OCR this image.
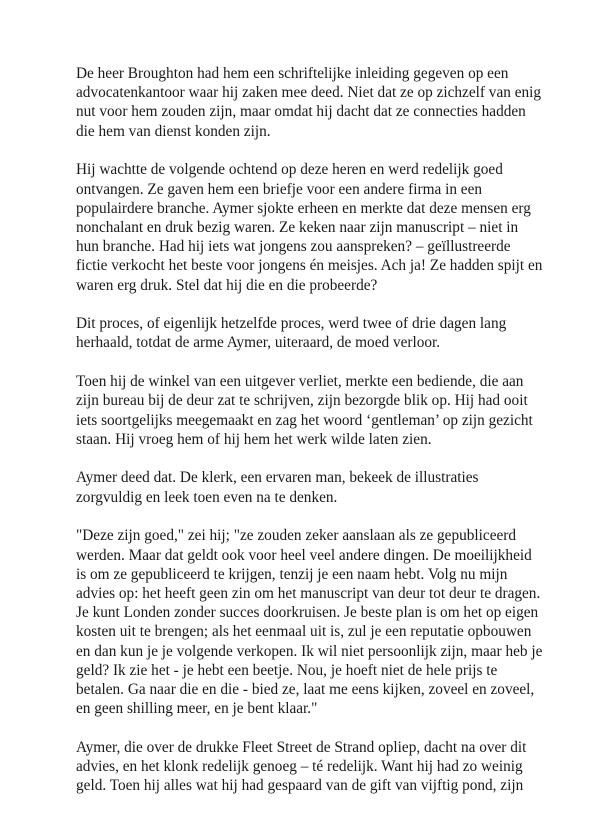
De heer Broughton had hem een schriftelijke inleiding gegeven op een
advocatenkantoor waar hij zaken mee deed. Niet dat ze op zichzelf van enig
nut voor hem zouden zijn, maar omdat hij dacht dat ze connecties hadden
die hem van dienst konden zijn.

Hij wachtte de volgende ochtend op deze heren en werd redelijk goed
ontvangen. Ze gaven hem een briefje voor een andere firma in een
populairdere branche. Aymer sjokte erheen en merkte dat deze mensen erg
nonchalant en druk bezig waren. Ze keken naar zijn manuscript – niet in
hun branche. Had hij iets wat jongens zou aanspreken? – geïllustreerde
fictie verkocht het beste voor jongens én meisjes. Ach ja! Ze hadden spijt en
waren erg druk. Stel dat hij die en die probeerde?

Dit proces, of eigenlijk hetzelfde proces, werd twee of drie dagen lang
herhaald, totdat de arme Aymer, uiteraard, de moed verloor.

Toen hij de winkel van een uitgever verliet, merkte een bediende, die aan
zijn bureau bij de deur zat te schrijven, zijn bezorgde blik op. Hij had ooit
iets soortgelijks meegemaakt en zag het woord ‘gentleman’ op zijn gezicht
staan. Hij vroeg hem of hij hem het werk wilde laten zien.

Aymer deed dat. De klerk, een ervaren man, bekeek de illustraties
zorgvuldig en leek toen even na te denken.

"Deze zijn goed," zei hij; "ze zouden zeker aanslaan als ze gepubliceerd
werden. Maar dat geldt ook voor heel veel andere dingen. De moeilijkheid
is om ze gepubliceerd te krijgen, tenzij je een naam hebt. Volg nu mijn
advies op: het heeft geen zin om het manuscript van deur tot deur te dragen.
Je kunt Londen zonder succes doorkruisen. Je beste plan is om het op eigen
kosten uit te brengen; als het eenmaal uit is, zul je een reputatie opbouwen
en dan kun je je volgende verkopen. Ik wil niet persoonlijk zijn, maar heb je
geld? Ik zie het - je hebt een beetje. Nou, je hoeft niet de hele prijs te
betalen. Ga naar die en die - bied ze, laat me eens kijken, zoveel en zoveel,
en geen shilling meer, en je bent klaar."

Aymer, die over de drukke Fleet Street de Strand opliep, dacht na over dit
advies, en het klonk redelijk genoeg – té redelijk. Want hij had zo weinig
geld. Toen hij alles wat hij had gespaard van de gift van vijftig pond, zijn
